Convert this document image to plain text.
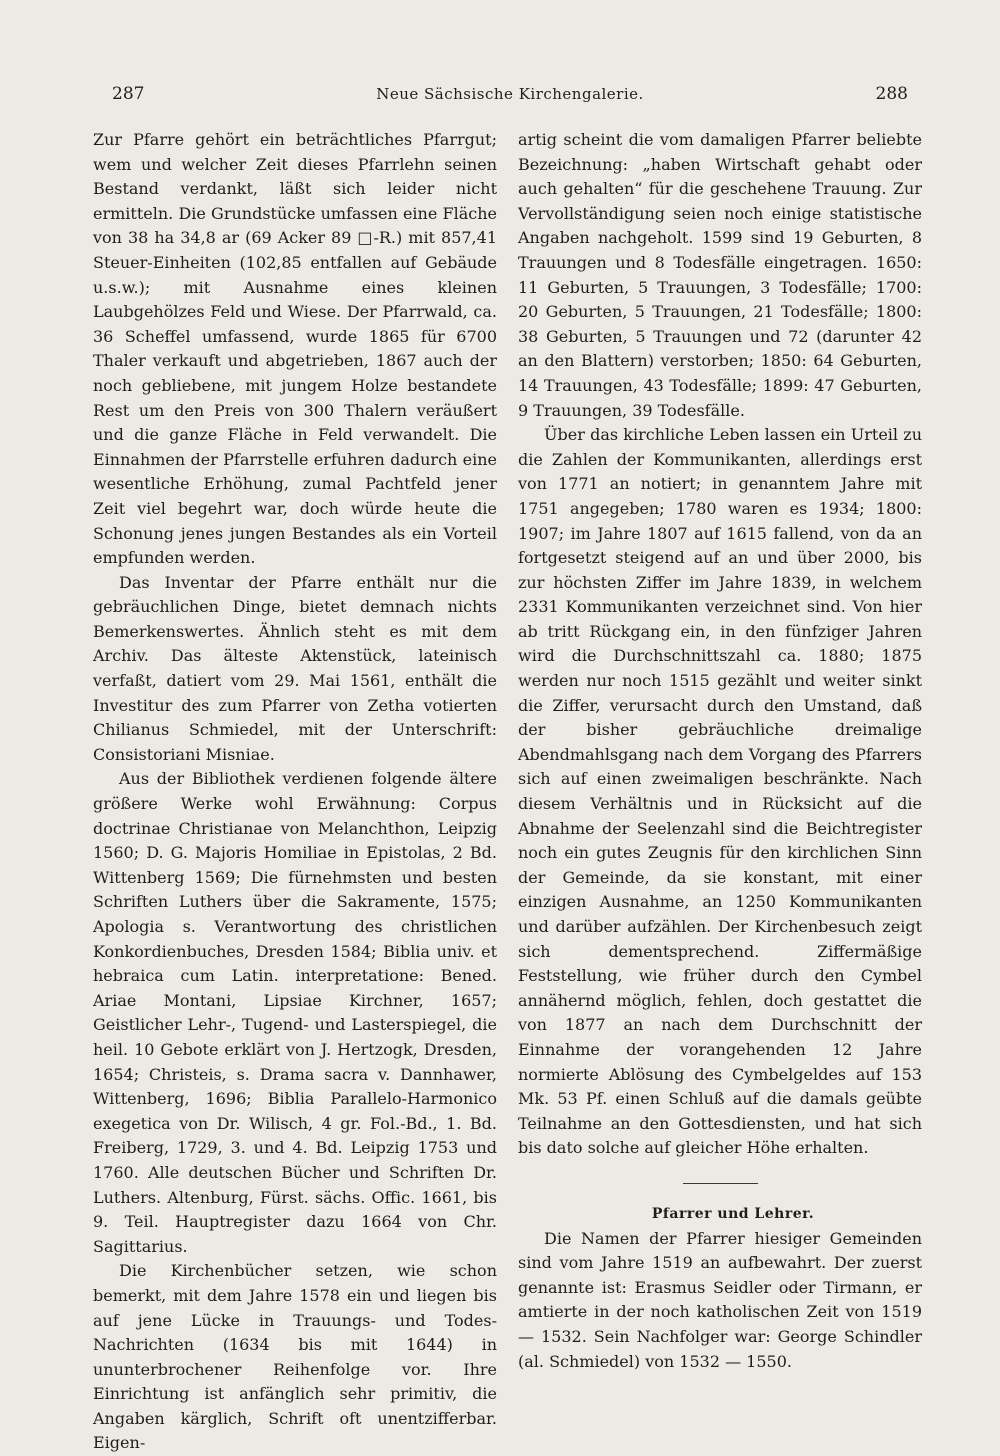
287	Neue Sächsische Kirchengalerie.	288

Zur Pfarre gehört ein beträchtliches Pfarrgut; wem und welcher Zeit dieses Pfarrlehn seinen Bestand verdankt, läßt sich leider nicht ermitteln. Die Grundstücke umfassen eine Fläche von 38 ha 34,8 ar (69 Acker 89 □-R.) mit 857,41 Steuer-Einheiten (102,85 entfallen auf Gebäude u.s.w.); mit Ausnahme eines kleinen Laubgehölzes Feld und Wiese. Der Pfarrwald, ca. 36 Scheffel umfassend, wurde 1865 für 6700 Thaler verkauft und abgetrieben, 1867 auch der noch gebliebene, mit jungem Holze bestandete Rest um den Preis von 300 Thalern veräußert und die ganze Fläche in Feld verwandelt. Die Einnahmen der Pfarrstelle erfuhren dadurch eine wesentliche Erhöhung, zumal Pachtfeld jener Zeit viel begehrt war, doch würde heute die Schonung jenes jungen Bestandes als ein Vorteil empfunden werden.

Das Inventar der Pfarre enthält nur die gebräuchlichen Dinge, bietet demnach nichts Bemerkenswertes. Ähnlich steht es mit dem Archiv. Das älteste Aktenstück, lateinisch verfaßt, datiert vom 29. Mai 1561, enthält die Investitur des zum Pfarrer von Zetha votierten Chilianus Schmiedel, mit der Unterschrift: Consistoriani Misniae.

Aus der Bibliothek verdienen folgende ältere größere Werke wohl Erwähnung: Corpus doctrinae Christianae von Melanchthon, Leipzig 1560; D. G. Majoris Homiliae in Epistolas, 2 Bd. Wittenberg 1569; Die fürnehmsten und besten Schriften Luthers über die Sakramente, 1575; Apologia s. Verantwortung des christlichen Konkordienbuches, Dresden 1584; Biblia univ. et hebraica cum Latin. interpretatione: Bened. Ariae Montani, Lipsiae Kirchner, 1657; Geistlicher Lehr-, Tugend- und Lasterspiegel, die heil. 10 Gebote erklärt von J. Hertzogk, Dresden, 1654; Christeis, s. Drama sacra v. Dannhawer, Wittenberg, 1696; Biblia Parallelo-Harmonico exegetica von Dr. Wilisch, 4 gr. Fol.-Bd., 1. Bd. Freiberg, 1729, 3. und 4. Bd. Leipzig 1753 und 1760. Alle deutschen Bücher und Schriften Dr. Luthers. Altenburg, Fürst. sächs. Offic. 1661, bis 9. Teil. Hauptregister dazu 1664 von Chr. Sagittarius.

Die Kirchenbücher setzen, wie schon bemerkt, mit dem Jahre 1578 ein und liegen bis auf jene Lücke in Trauungs- und Todes-Nachrichten (1634 bis mit 1644) in ununterbrochener Reihenfolge vor. Ihre Einrichtung ist anfänglich sehr primitiv, die Angaben kärglich, Schrift oft unentzifferbar. Eigen-

artig scheint die vom damaligen Pfarrer beliebte Bezeichnung: „haben Wirtschaft gehabt oder auch gehalten“ für die geschehene Trauung. Zur Vervollständigung seien noch einige statistische Angaben nachgeholt. 1599 sind 19 Geburten, 8 Trauungen und 8 Todesfälle eingetragen. 1650: 11 Geburten, 5 Trauungen, 3 Todesfälle; 1700: 20 Geburten, 5 Trauungen, 21 Todesfälle; 1800: 38 Geburten, 5 Trauungen und 72 (darunter 42 an den Blattern) verstorben; 1850: 64 Geburten, 14 Trauungen, 43 Todesfälle; 1899: 47 Geburten, 9 Trauungen, 39 Todesfälle.

Über das kirchliche Leben lassen ein Urteil zu die Zahlen der Kommunikanten, allerdings erst von 1771 an notiert; in genanntem Jahre mit 1751 angegeben; 1780 waren es 1934; 1800: 1907; im Jahre 1807 auf 1615 fallend, von da an fortgesetzt steigend auf an und über 2000, bis zur höchsten Ziffer im Jahre 1839, in welchem 2331 Kommunikanten verzeichnet sind. Von hier ab tritt Rückgang ein, in den fünfziger Jahren wird die Durchschnittszahl ca. 1880; 1875 werden nur noch 1515 gezählt und weiter sinkt die Ziffer, verursacht durch den Umstand, daß der bisher gebräuchliche dreimalige Abendmahlsgang nach dem Vorgang des Pfarrers sich auf einen zweimaligen beschränkte. Nach diesem Verhältnis und in Rücksicht auf die Abnahme der Seelenzahl sind die Beichtregister noch ein gutes Zeugnis für den kirchlichen Sinn der Gemeinde, da sie konstant, mit einer einzigen Ausnahme, an 1250 Kommunikanten und darüber aufzählen. Der Kirchenbesuch zeigt sich dementsprechend. Ziffermäßige Feststellung, wie früher durch den Cymbel annähernd möglich, fehlen, doch gestattet die von 1877 an nach dem Durchschnitt der Einnahme der vorangehenden 12 Jahre normierte Ablösung des Cymbelgeldes auf 153 Mk. 53 Pf. einen Schluß auf die damals geübte Teilnahme an den Gottesdiensten, und hat sich bis dato solche auf gleicher Höhe erhalten.

Pfarrer und Lehrer.

Die Namen der Pfarrer hiesiger Gemeinden sind vom Jahre 1519 an aufbewahrt. Der zuerst genannte ist: Erasmus Seidler oder Tirmann, er amtierte in der noch katholischen Zeit von 1519 — 1532. Sein Nachfolger war: George Schindler (al. Schmiedel) von 1532 — 1550.
